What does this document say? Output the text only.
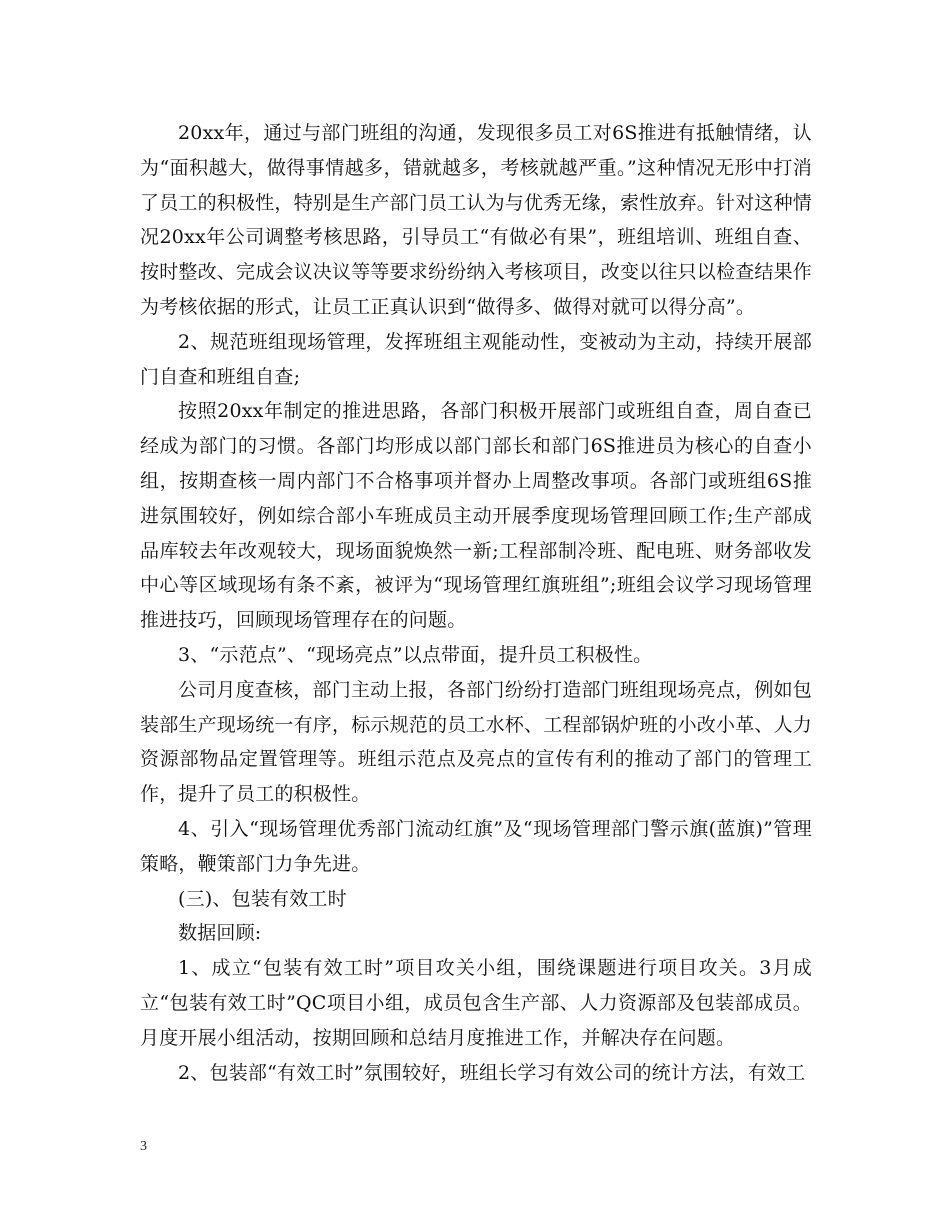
20xx年，通过与部门班组的沟通，发现很多员工对6S推进有抵触情绪，认为“面积越大，做得事情越多，错就越多，考核就越严重。”这种情况无形中打消了员工的积极性，特别是生产部门员工认为与优秀无缘，索性放弃。针对这种情况20xx年公司调整考核思路，引导员工“有做必有果”，班组培训、班组自查、按时整改、完成会议决议等等要求纷纷纳入考核项目，改变以往只以检查结果作为考核依据的形式，让员工正真认识到“做得多、做得对就可以得分高”。

2、规范班组现场管理，发挥班组主观能动性，变被动为主动，持续开展部门自查和班组自查;

按照20xx年制定的推进思路，各部门积极开展部门或班组自查，周自查已经成为部门的习惯。各部门均形成以部门部长和部门6S推进员为核心的自查小组，按期查核一周内部门不合格事项并督办上周整改事项。各部门或班组6S推进氛围较好，例如综合部小车班成员主动开展季度现场管理回顾工作;生产部成品库较去年改观较大，现场面貌焕然一新;工程部制冷班、配电班、财务部收发中心等区域现场有条不紊，被评为“现场管理红旗班组”;班组会议学习现场管理推进技巧，回顾现场管理存在的问题。

3、“示范点”、“现场亮点”以点带面，提升员工积极性。

公司月度查核，部门主动上报，各部门纷纷打造部门班组现场亮点，例如包装部生产现场统一有序，标示规范的员工水杯、工程部锅炉班的小改小革、人力资源部物品定置管理等。班组示范点及亮点的宣传有利的推动了部门的管理工作，提升了员工的积极性。

4、引入“现场管理优秀部门流动红旗”及“现场管理部门警示旗(蓝旗)”管理策略，鞭策部门力争先进。

(三)、包装有效工时

数据回顾:

1、成立“包装有效工时”项目攻关小组，围绕课题进行项目攻关。3月成立“包装有效工时”QC项目小组，成员包含生产部、人力资源部及包装部成员。月度开展小组活动，按期回顾和总结月度推进工作，并解决存在问题。

2、包装部“有效工时”氛围较好，班组长学习有效公司的统计方法，有效工

3
